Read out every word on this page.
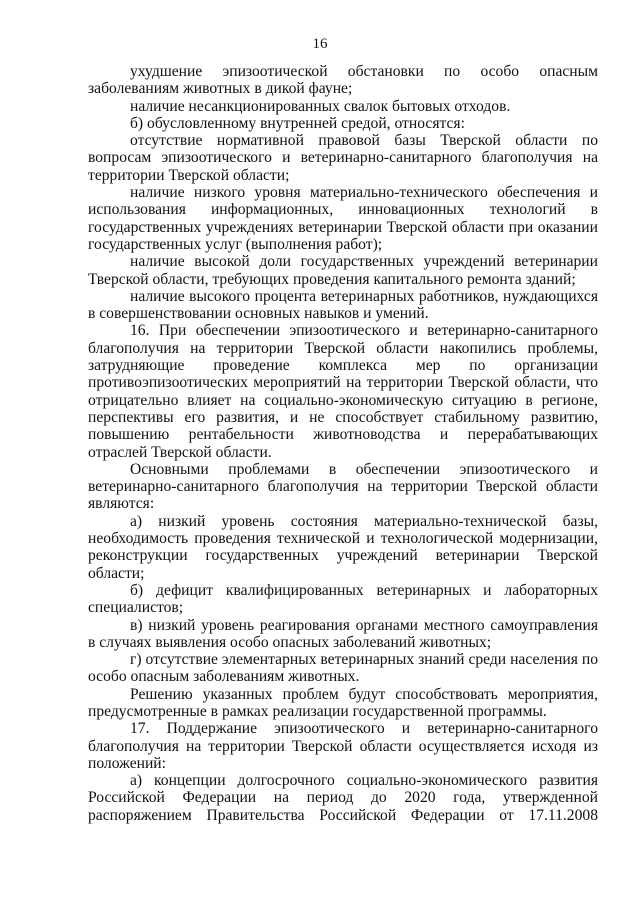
16

ухудшение эпизоотической обстановки по особо опасным заболеваниям животных в дикой фауне;

наличие несанкционированных свалок бытовых отходов.

б) обусловленному внутренней средой, относятся:

отсутствие нормативной правовой базы Тверской области по вопросам эпизоотического и ветеринарно-санитарного благополучия на территории Тверской области;

наличие низкого уровня материально-технического обеспечения и использования информационных, инновационных технологий в государственных учреждениях ветеринарии Тверской области при оказании государственных услуг (выполнения работ);

наличие высокой доли государственных учреждений ветеринарии Тверской области, требующих проведения капитального ремонта зданий;

наличие высокого процента ветеринарных работников, нуждающихся в совершенствовании основных навыков и умений.

16. При обеспечении эпизоотического и ветеринарно-санитарного благополучия на территории Тверской области накопились проблемы, затрудняющие проведение комплекса мер по организации противоэпизоотических мероприятий на территории Тверской области, что отрицательно влияет на социально-экономическую ситуацию в регионе, перспективы его развития, и не способствует стабильному развитию, повышению рентабельности животноводства и перерабатывающих отраслей Тверской области.

Основными проблемами в обеспечении эпизоотического и ветеринарно-санитарного благополучия на территории Тверской области являются:

а) низкий уровень состояния материально-технической базы, необходимость проведения технической и технологической модернизации, реконструкции государственных учреждений ветеринарии Тверской области;

б) дефицит квалифицированных ветеринарных и лабораторных специалистов;

в) низкий уровень реагирования органами местного самоуправления в случаях выявления особо опасных заболеваний животных;

г) отсутствие элементарных ветеринарных знаний среди населения по особо опасным заболеваниям животных.

Решению указанных проблем будут способствовать мероприятия, предусмотренные в рамках реализации государственной программы.

17. Поддержание эпизоотического и ветеринарно-санитарного благополучия на территории Тверской области осуществляется исходя из положений:

а) концепции долгосрочного социально-экономического развития Российской Федерации на период до 2020 года, утвержденной распоряжением Правительства Российской Федерации от 17.11.2008
